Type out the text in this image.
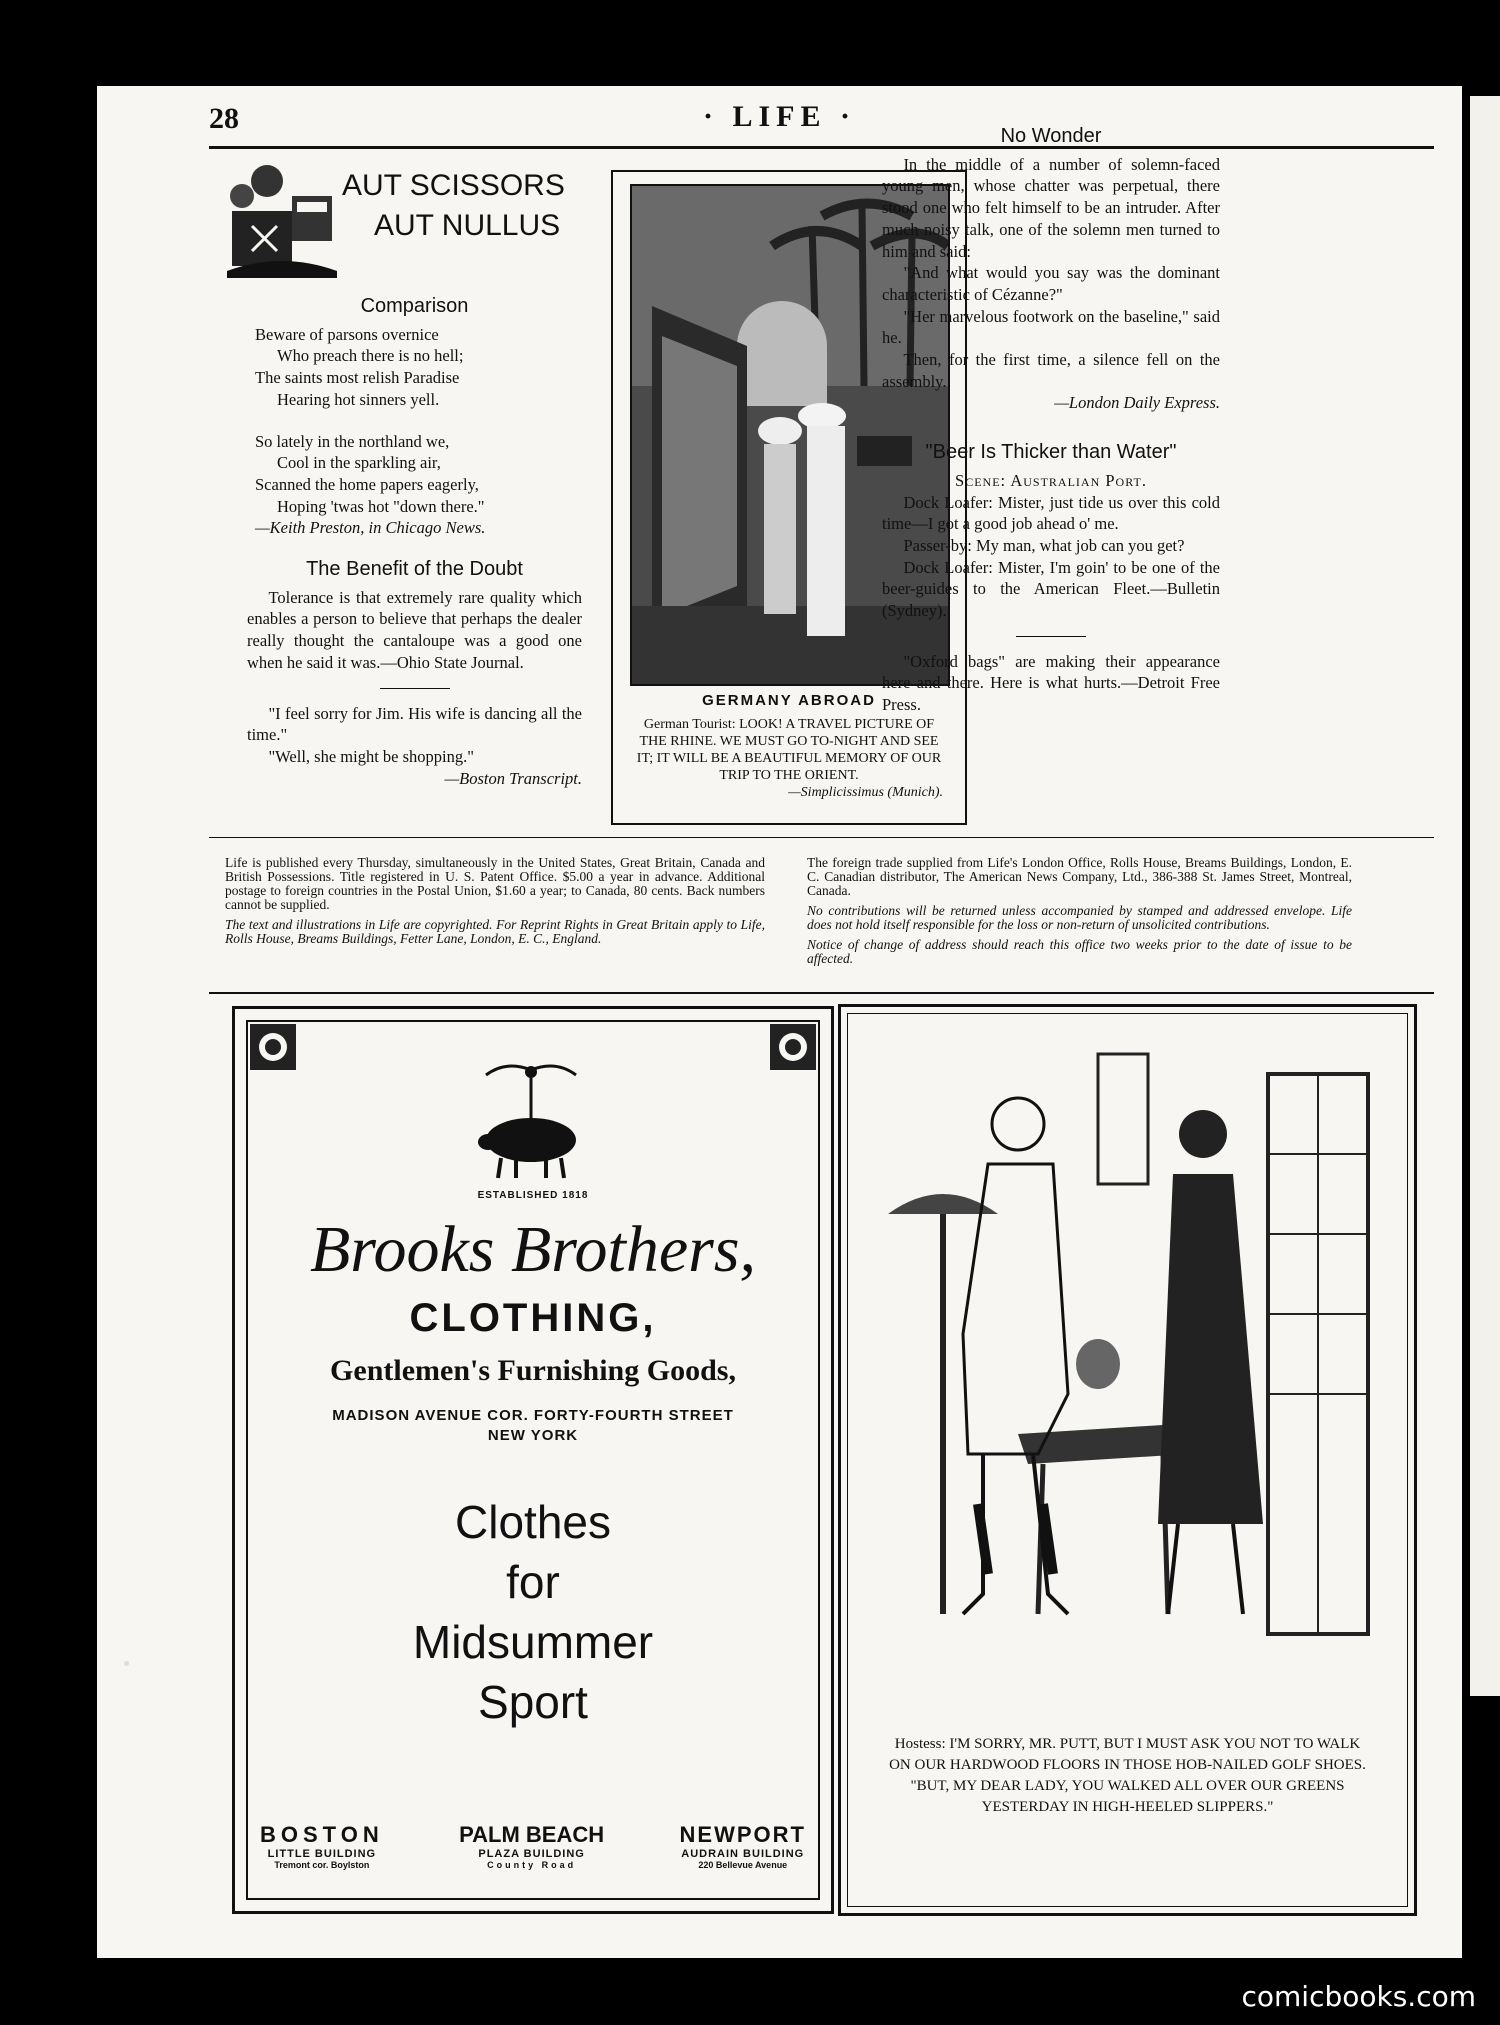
28	· LIFE ·
AUT SCISSORS
AUT NULLUS
Comparison

Beware of parsons overnice

Who preach there is no hell;

The saints most relish Paradise

Hearing hot sinners yell.

So lately in the northland we,

Cool in the sparkling air,

Scanned the home papers eagerly,

Hoping 'twas hot "down there."

—Keith Preston, in Chicago News.

The Benefit of the Doubt

Tolerance is that extremely rare quality which enables a person to believe that perhaps the dealer really thought the cantaloupe was a good one when he said it was.—Ohio State Journal.

"I feel sorry for Jim. His wife is dancing all the time."

"Well, she might be shopping."

—Boston Transcript.

GERMANY ABROAD
German Tourist: LOOK! A TRAVEL PICTURE OF THE RHINE. WE MUST GO TO-NIGHT AND SEE IT; IT WILL BE A BEAUTIFUL MEMORY OF OUR TRIP TO THE ORIENT.
—Simplicissimus (Munich).
No Wonder

In the middle of a number of solemn-faced young men, whose chatter was perpetual, there stood one who felt himself to be an intruder. After much noisy talk, one of the solemn men turned to him and said:

"And what would you say was the dominant characteristic of Cézanne?"

"Her marvelous footwork on the baseline," said he.

Then, for the first time, a silence fell on the assembly.

—London Daily Express.

"Beer Is Thicker than Water"

Scene: Australian Port.

Dock Loafer: Mister, just tide us over this cold time—I got a good job ahead o' me.

Passer-by: My man, what job can you get?

Dock Loafer: Mister, I'm goin' to be one of the beer-guides to the American Fleet.—Bulletin (Sydney).

"Oxford bags" are making their appearance here and there. Here is what hurts.—Detroit Free Press.

Life is published every Thursday, simultaneously in the United States, Great Britain, Canada and British Possessions. Title registered in U. S. Patent Office. $5.00 a year in advance. Additional postage to foreign countries in the Postal Union, $1.60 a year; to Canada, 80 cents. Back numbers cannot be supplied.

The text and illustrations in Life are copyrighted. For Reprint Rights in Great Britain apply to Life, Rolls House, Breams Buildings, Fetter Lane, London, E. C., England.

The foreign trade supplied from Life's London Office, Rolls House, Breams Buildings, London, E. C. Canadian distributor, The American News Company, Ltd., 386-388 St. James Street, Montreal, Canada.

No contributions will be returned unless accompanied by stamped and addressed envelope. Life does not hold itself responsible for the loss or non-return of unsolicited contributions.

Notice of change of address should reach this office two weeks prior to the date of issue to be affected.

ESTABLISHED 1818
Brooks Brothers,
CLOTHING,
Gentlemen's Furnishing Goods,
MADISON AVENUE COR. FORTY-FOURTH STREET
NEW YORK
Clothes
for
Midsummer
Sport
BOSTON
LITTLE BUILDING
Tremont cor. Boylston
PALM BEACH
PLAZA BUILDING
County Road
NEWPORT
AUDRAIN BUILDING
220 Bellevue Avenue
Hostess: I'M SORRY, MR. PUTT, BUT I MUST ASK YOU NOT TO WALK ON OUR HARDWOOD FLOORS IN THOSE HOB-NAILED GOLF SHOES.
"BUT, MY DEAR LADY, YOU WALKED ALL OVER OUR GREENS YESTERDAY IN HIGH-HEELED SLIPPERS."
comicbooks.com
